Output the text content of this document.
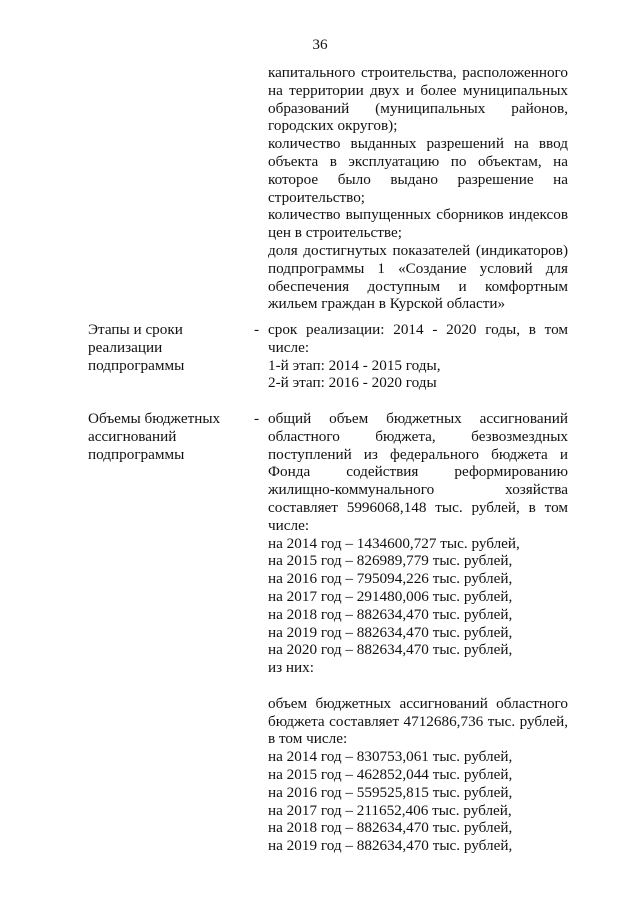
36
капитального строительства, расположенного
на территории двух и более муниципальных
образований (муниципальных районов,
городских округов);
количество выданных разрешений на ввод
объекта в эксплуатацию по объектам, на
которое было выдано разрешение на
строительство;
количество выпущенных сборников индексов
цен в строительстве;
доля достигнутых показателей (индикаторов)
подпрограммы 1 «Создание условий для
обеспечения доступным и комфортным
жильем граждан в Курской области»
Этапы и сроки
реализации
подпрограммы
- срок реализации: 2014 - 2020 годы, в том
числе:
1-й этап: 2014 - 2015 годы,
2-й этап: 2016 - 2020 годы
Объемы бюджетных
ассигнований
подпрограммы
- общий объем бюджетных ассигнований
областного бюджета, безвозмездных
поступлений из федерального бюджета и
Фонда содействия реформированию
жилищно-коммунального хозяйства
составляет 5996068,148 тыс. рублей, в том
числе:
на 2014 год – 1434600,727 тыс. рублей,
на 2015 год – 826989,779 тыс. рублей,
на 2016 год – 795094,226 тыс. рублей,
на 2017 год – 291480,006 тыс. рублей,
на 2018 год – 882634,470 тыс. рублей,
на 2019 год – 882634,470 тыс. рублей,
на 2020 год – 882634,470 тыс. рублей,
из них:
объем бюджетных ассигнований областного
бюджета составляет 4712686,736 тыс. рублей,
в том числе:
на 2014 год – 830753,061 тыс. рублей,
на 2015 год – 462852,044 тыс. рублей,
на 2016 год – 559525,815 тыс. рублей,
на 2017 год – 211652,406 тыс. рублей,
на 2018 год – 882634,470 тыс. рублей,
на 2019 год – 882634,470 тыс. рублей,
